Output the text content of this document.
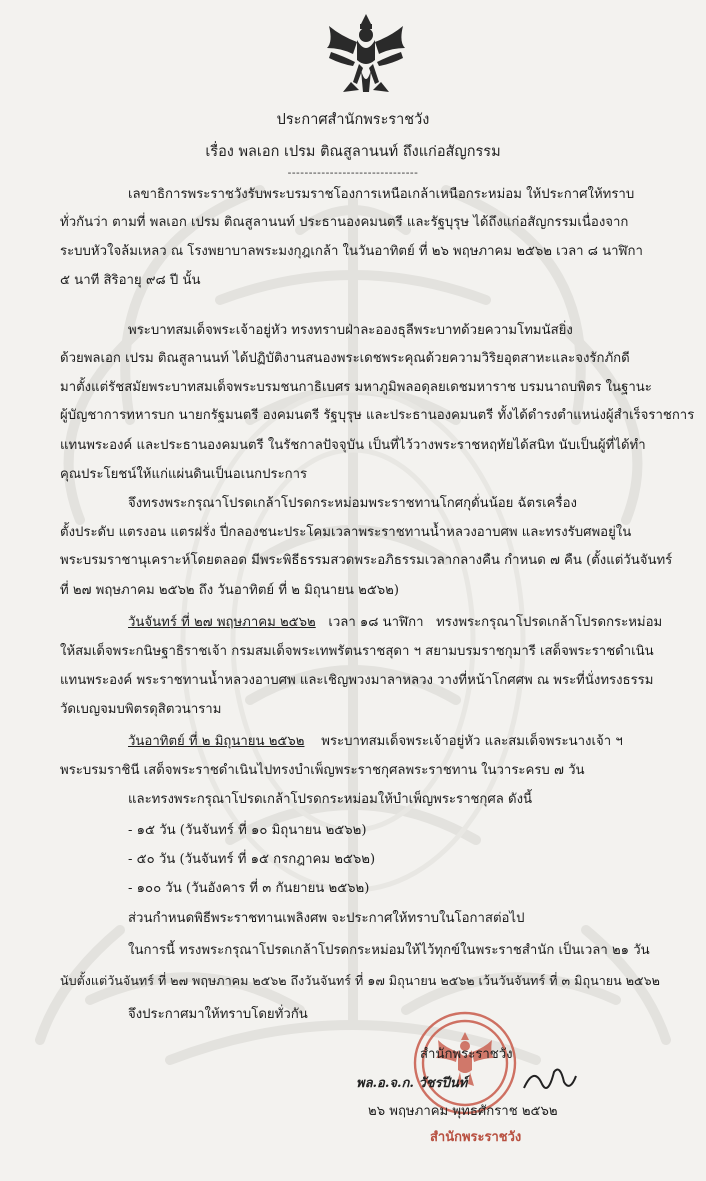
ประกาศสำนักพระราชวัง
เรื่อง พลเอก เปรม ติณสูลานนท์ ถึงแก่อสัญกรรม
-------------------------------
เลขาธิการพระราชวังรับพระบรมราชโองการเหนือเกล้าเหนือกระหม่อม ให้ประกาศให้ทราบ
ทั่วกันว่า ตามที่ พลเอก เปรม ติณสูลานนท์ ประธานองคมนตรี และรัฐบุรุษ ได้ถึงแก่อสัญกรรมเนื่องจาก
ระบบหัวใจล้มเหลว ณ โรงพยาบาลพระมงกุฎเกล้า ในวันอาทิตย์ ที่ ๒๖ พฤษภาคม ๒๕๖๒ เวลา ๘ นาฬิกา
๕ นาที สิริอายุ ๙๘ ปี นั้น
พระบาทสมเด็จพระเจ้าอยู่หัว ทรงทราบฝ่าละอองธุลีพระบาทด้วยความโทมนัสยิ่ง
ด้วยพลเอก เปรม ติณสูลานนท์ ได้ปฏิบัติงานสนองพระเดชพระคุณด้วยความวิริยอุตสาหะและจงรักภักดี
มาตั้งแต่รัชสมัยพระบาทสมเด็จพระบรมชนกาธิเบศร มหาภูมิพลอดุลยเดชมหาราช บรมนาถบพิตร ในฐานะ
ผู้บัญชาการทหารบก นายกรัฐมนตรี องคมนตรี รัฐบุรุษ และประธานองคมนตรี ทั้งได้ดำรงตำแหน่งผู้สำเร็จราชการ
แทนพระองค์ และประธานองคมนตรี ในรัชกาลปัจจุบัน เป็นที่ไว้วางพระราชหฤทัยได้สนิท นับเป็นผู้ที่ได้ทำ
คุณประโยชน์ให้แก่แผ่นดินเป็นอเนกประการ
จึงทรงพระกรุณาโปรดเกล้าโปรดกระหม่อมพระราชทานโกศกุดั่นน้อย ฉัตรเครื่อง
ตั้งประดับ แตรงอน แตรฝรั่ง ปี่กลองชนะประโคมเวลาพระราชทานน้ำหลวงอาบศพ และทรงรับศพอยู่ใน
พระบรมราชานุเคราะห์โดยตลอด มีพระพิธีธรรมสวดพระอภิธรรมเวลากลางคืน กำหนด ๗ คืน (ตั้งแต่วันจันทร์
ที่ ๒๗ พฤษภาคม ๒๕๖๒ ถึง วันอาทิตย์ ที่ ๒ มิถุนายน ๒๕๖๒)
วันจันทร์ ที่ ๒๗ พฤษภาคม ๒๕๖๒ เวลา ๑๘ นาฬิกา ทรงพระกรุณาโปรดเกล้าโปรดกระหม่อม
ให้สมเด็จพระกนิษฐาธิราชเจ้า กรมสมเด็จพระเทพรัตนราชสุดา ฯ สยามบรมราชกุมารี เสด็จพระราชดำเนิน
แทนพระองค์ พระราชทานน้ำหลวงอาบศพ และเชิญพวงมาลาหลวง วางที่หน้าโกศศพ ณ พระที่นั่งทรงธรรม
วัดเบญจมบพิตรดุสิตวนาราม
วันอาทิตย์ ที่ ๒ มิถุนายน ๒๕๖๒ พระบาทสมเด็จพระเจ้าอยู่หัว และสมเด็จพระนางเจ้า ฯ
พระบรมราชินี เสด็จพระราชดำเนินไปทรงบำเพ็ญพระราชกุศลพระราชทาน ในวาระครบ ๗ วัน
และทรงพระกรุณาโปรดเกล้าโปรดกระหม่อมให้บำเพ็ญพระราชกุศล ดังนี้
- ๑๕ วัน (วันจันทร์ ที่ ๑๐ มิถุนายน ๒๕๖๒)
- ๕๐ วัน (วันจันทร์ ที่ ๑๕ กรกฎาคม ๒๕๖๒)
- ๑๐๐ วัน (วันอังคาร ที่ ๓ กันยายน ๒๕๖๒)
ส่วนกำหนดพิธีพระราชทานเพลิงศพ จะประกาศให้ทราบในโอกาสต่อไป
ในการนี้ ทรงพระกรุณาโปรดเกล้าโปรดกระหม่อมให้ไว้ทุกข์ในพระราชสำนัก เป็นเวลา ๒๑ วัน
นับตั้งแต่วันจันทร์ ที่ ๒๗ พฤษภาคม ๒๕๖๒ ถึงวันจันทร์ ที่ ๑๗ มิถุนายน ๒๕๖๒ เว้นวันจันทร์ ที่ ๓ มิถุนายน ๒๕๖๒
จึงประกาศมาให้ทราบโดยทั่วกัน
สำนักพระราชวัง
พล.อ.จ.ก. วัชรปีนท์
๒๖ พฤษภาคม พุทธศักราช ๒๕๖๒
สำนักพระราชวัง
